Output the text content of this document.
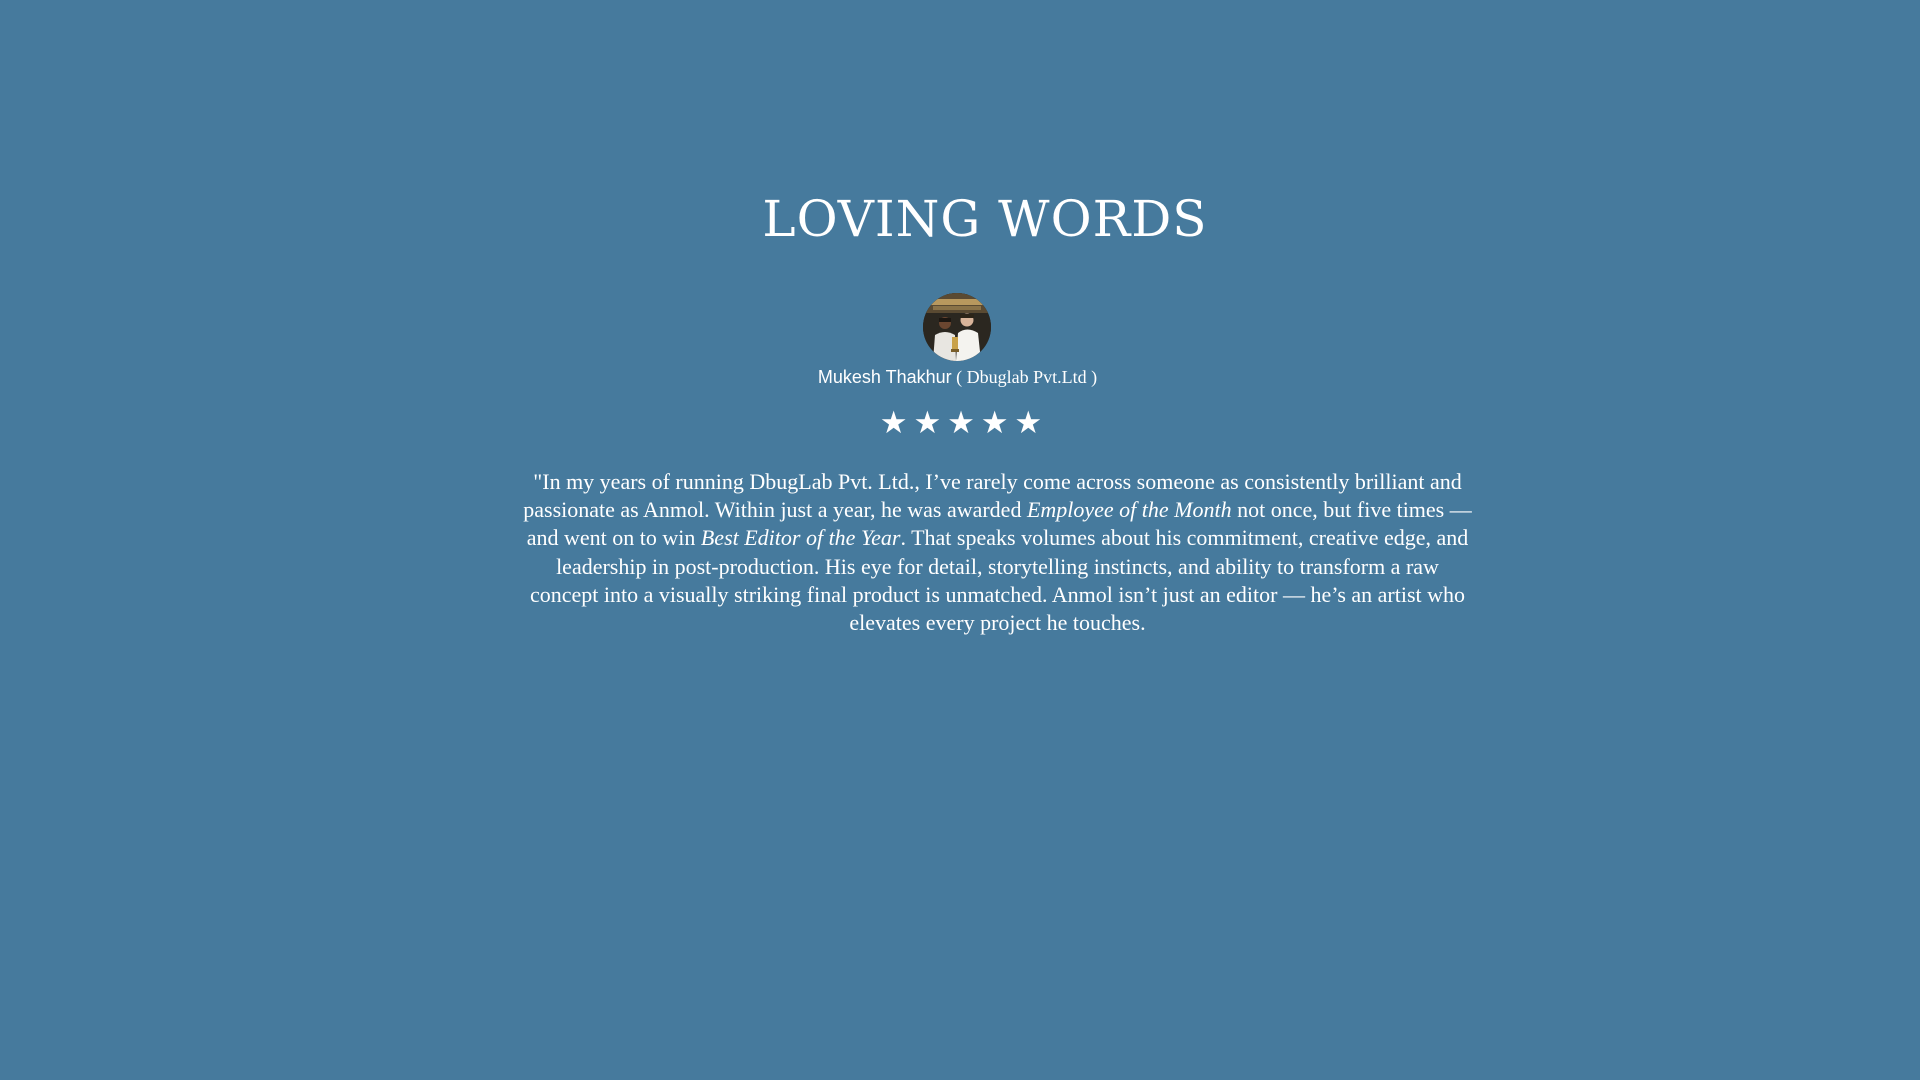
LOVING WORDS
Mukesh Thakhur ( Dbuglab Pvt.Ltd )
★ ★ ★ ★ ★

"In my years of running DbugLab Pvt. Ltd., I’ve rarely come across someone as consistently brilliant and passionate as Anmol. Within just a year, he was awarded Employee of the Month not once, but five times — and went on to win Best Editor of the Year. That speaks volumes about his commitment, creative edge, and leadership in post-production. His eye for detail, storytelling instincts, and ability to transform a raw concept into a visually striking final product is unmatched. Anmol isn’t just an editor — he’s an artist who elevates every project he touches.
